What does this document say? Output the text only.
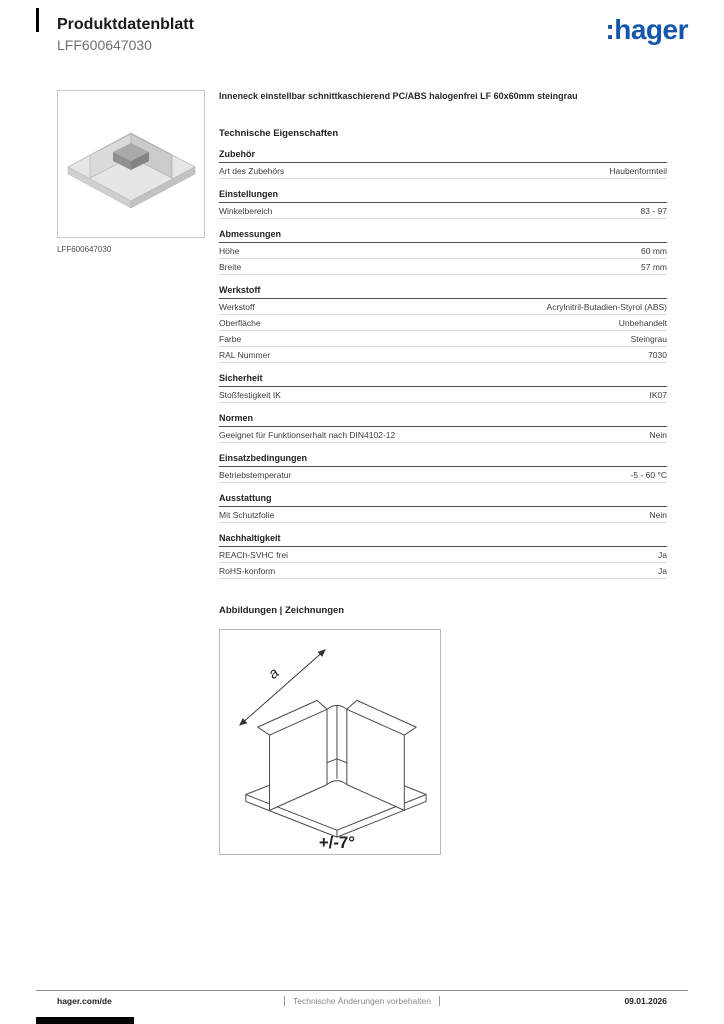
Produktdatenblatt
LFF600647030	:hager
LFF600647030
Inneneck einstellbar schnittkaschierend PC/ABS halogenfrei LF 60x60mm steingrau
Technische Eigenschaften
Zubehör
Art des Zubehörs	Haubenformteil
Einstellungen
Winkelbereich	83 - 97
Abmessungen
Höhe	60 mm
Breite	57 mm
Werkstoff
Werkstoff	Acrylnitril-Butadien-Styrol (ABS)
Oberfläche	Unbehandelt
Farbe	Steingrau
RAL Nummer	7030
Sicherheit
Stoßfestigkeit IK	IK07
Normen
Geeignet für Funktionserhalt nach DIN4102-12	Nein
Einsatzbedingungen
Betriebstemperatur	-5 - 60 °C
Ausstattung
Mit Schutzfolie	Nein
Nachhaltigkeit
REACh-SVHC frei	Ja
RoHS-konform	Ja
Abbildungen | Zeichnungen
a
+/-7°
hager.com/de	Technische Änderungen vorbehalten	09.01.2026
